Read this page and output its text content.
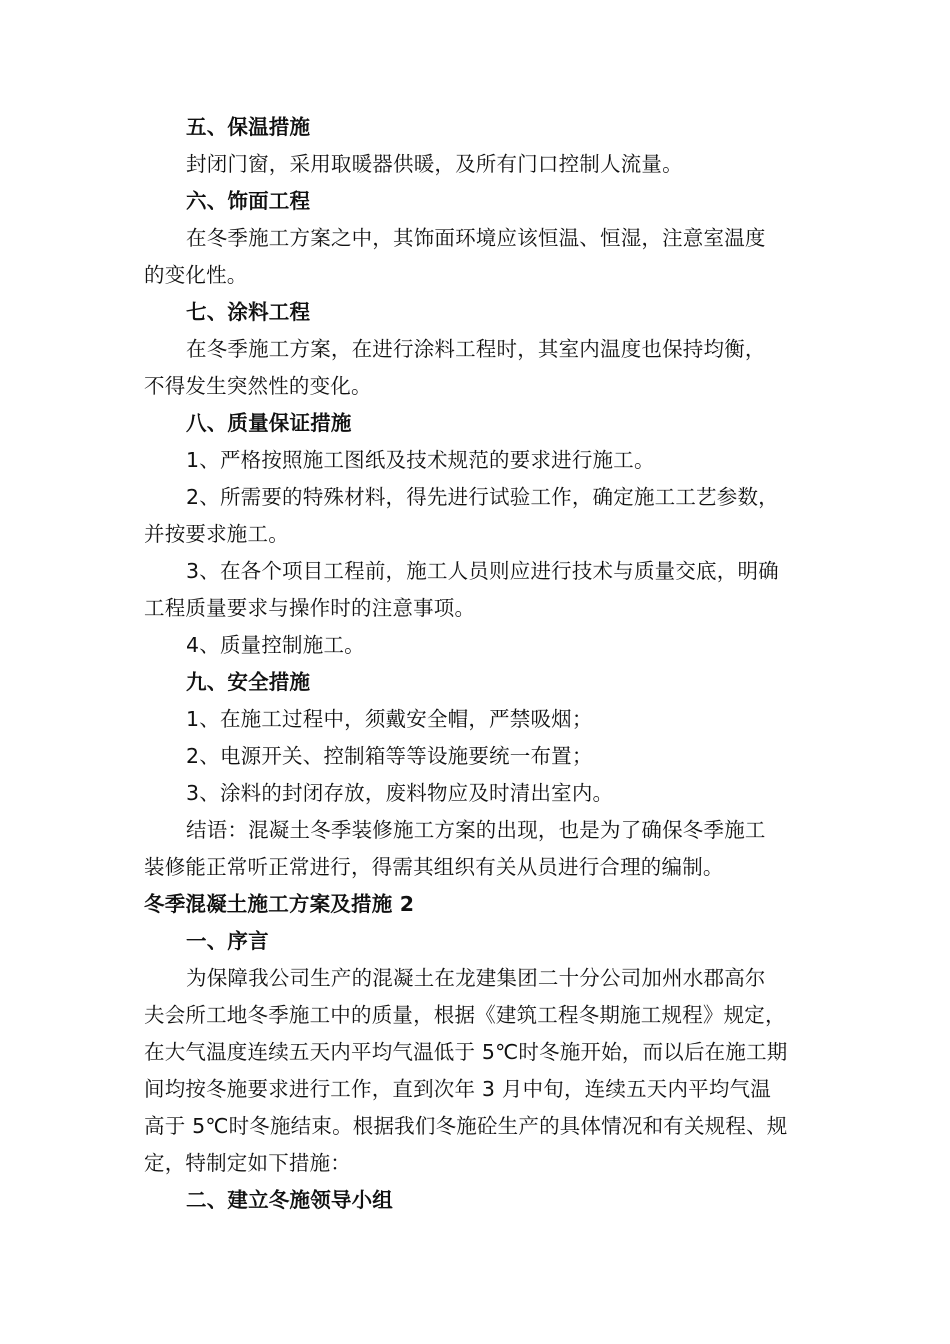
五、保温措施
封闭门窗，采用取暖器供暖，及所有门口控制人流量。
六、饰面工程
在冬季施工方案之中，其饰面环境应该恒温、恒湿，注意室温度
的变化性。
七、涂料工程
在冬季施工方案，在进行涂料工程时，其室内温度也保持均衡，
不得发生突然性的变化。
八、质量保证措施
1、严格按照施工图纸及技术规范的要求进行施工。
2、所需要的特殊材料，得先进行试验工作，确定施工工艺参数，
并按要求施工。
3、在各个项目工程前，施工人员则应进行技术与质量交底，明确
工程质量要求与操作时的注意事项。
4、质量控制施工。
九、安全措施
1、在施工过程中，须戴安全帽，严禁吸烟；
2、电源开关、控制箱等等设施要统一布置；
3、涂料的封闭存放，废料物应及时清出室内。
结语：混凝土冬季装修施工方案的出现，也是为了确保冬季施工
装修能正常听正常进行，得需其组织有关从员进行合理的编制。
冬季混凝土施工方案及措施 2
一、序言
为保障我公司生产的混凝土在龙建集团二十分公司加州水郡高尔
夫会所工地冬季施工中的质量，根据《建筑工程冬期施工规程》规定，
在大气温度连续五天内平均气温低于 5℃时冬施开始，而以后在施工期
间均按冬施要求进行工作，直到次年 3 月中旬，连续五天内平均气温
高于 5℃时冬施结束。根据我们冬施砼生产的具体情况和有关规程、规
定，特制定如下措施：
二、建立冬施领导小组
